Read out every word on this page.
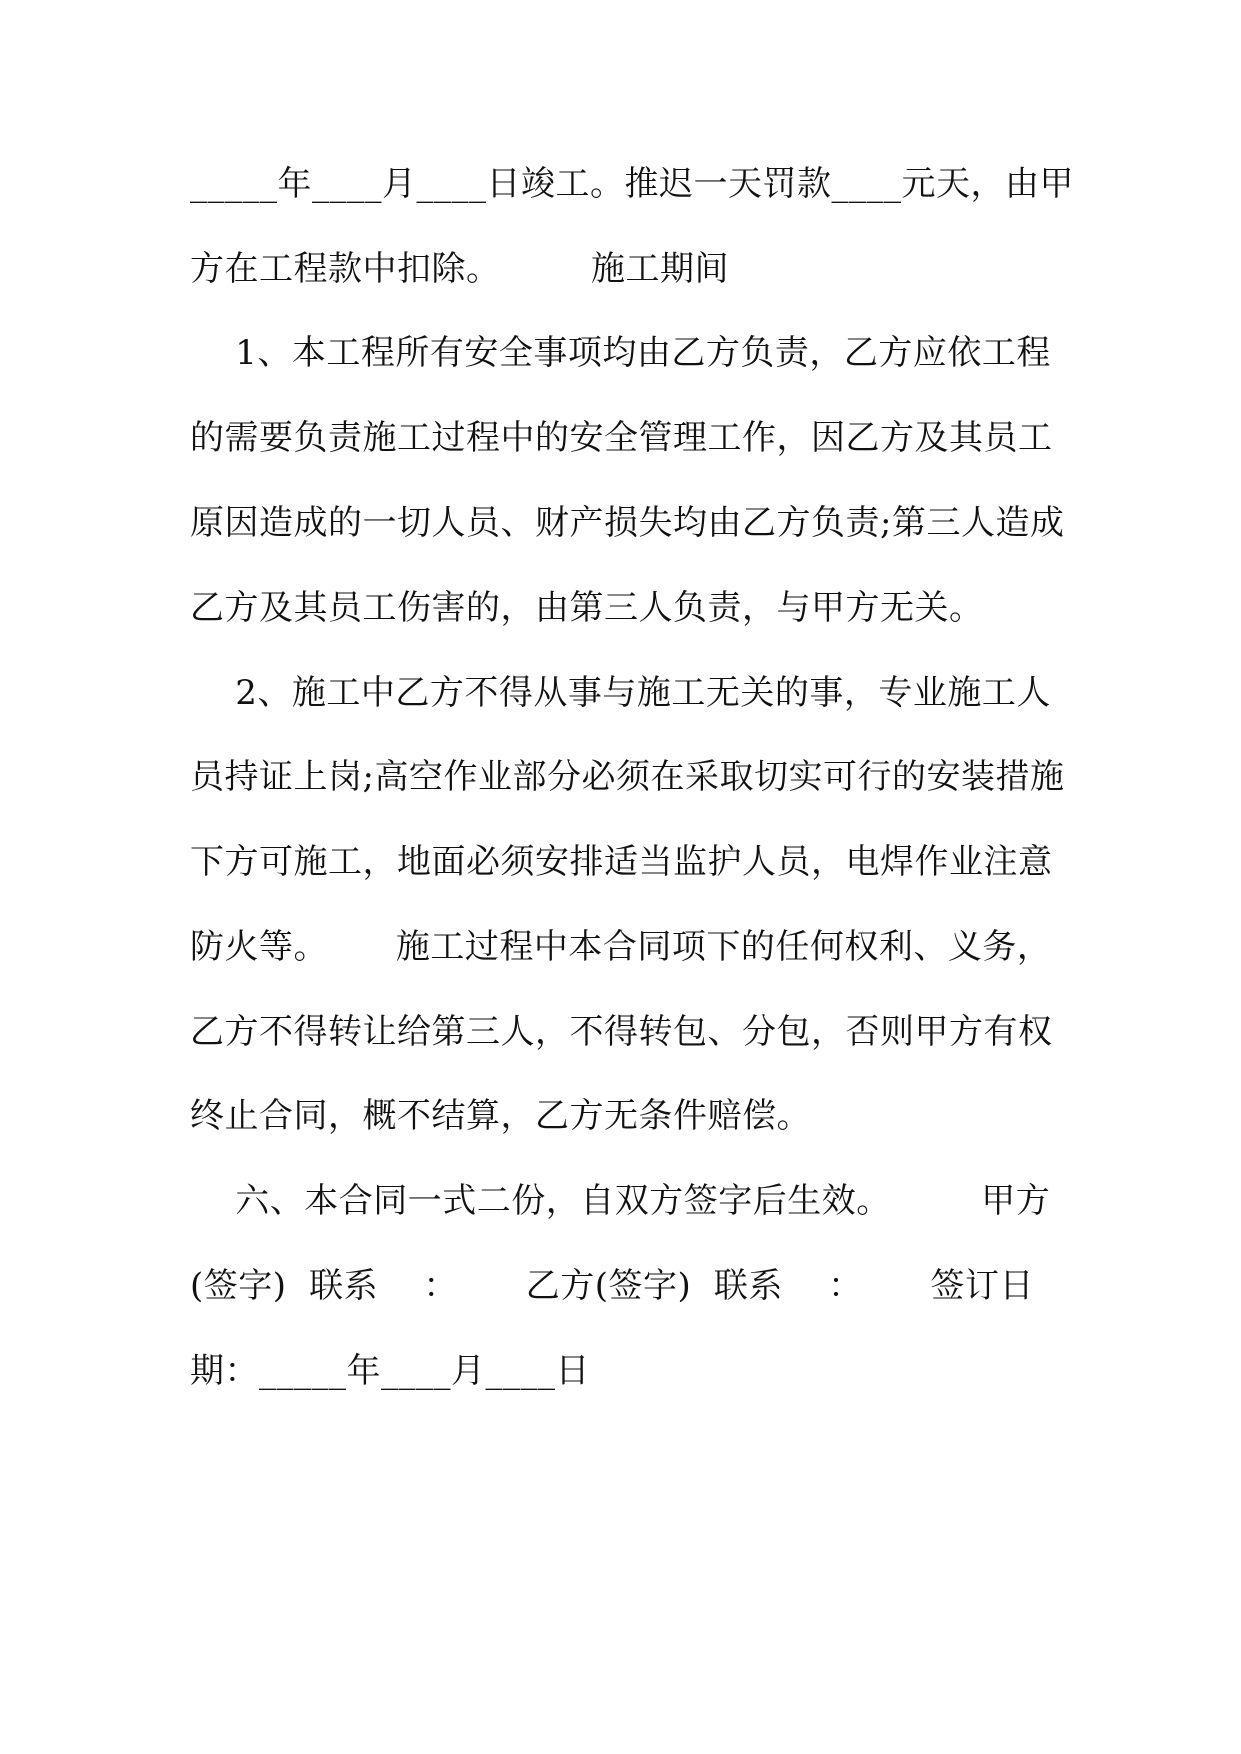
_____年____月____日竣工。推迟一天罚款____元天，由甲
方在工程款中扣除。        施工期间
1、本工程所有安全事项均由乙方负责，乙方应依工程
的需要负责施工过程中的安全管理工作，因乙方及其员工
原因造成的一切人员、财产损失均由乙方负责;第三人造成
乙方及其员工伤害的，由第三人负责，与甲方无关。
2、施工中乙方不得从事与施工无关的事，专业施工人
员持证上岗;高空作业部分必须在采取切实可行的安装措施
下方可施工，地面必须安排适当监护人员，电焊作业注意
防火等。      施工过程中本合同项下的任何权利、义务，
乙方不得转让给第三人，不得转包、分包，否则甲方有权
终止合同，概不结算，乙方无条件赔偿。
六、本合同一式二份，自双方签字后生效。        甲方
(签字)  联系    ：      乙方(签字)  联系    ：      签订日
期：_____年____月____日
